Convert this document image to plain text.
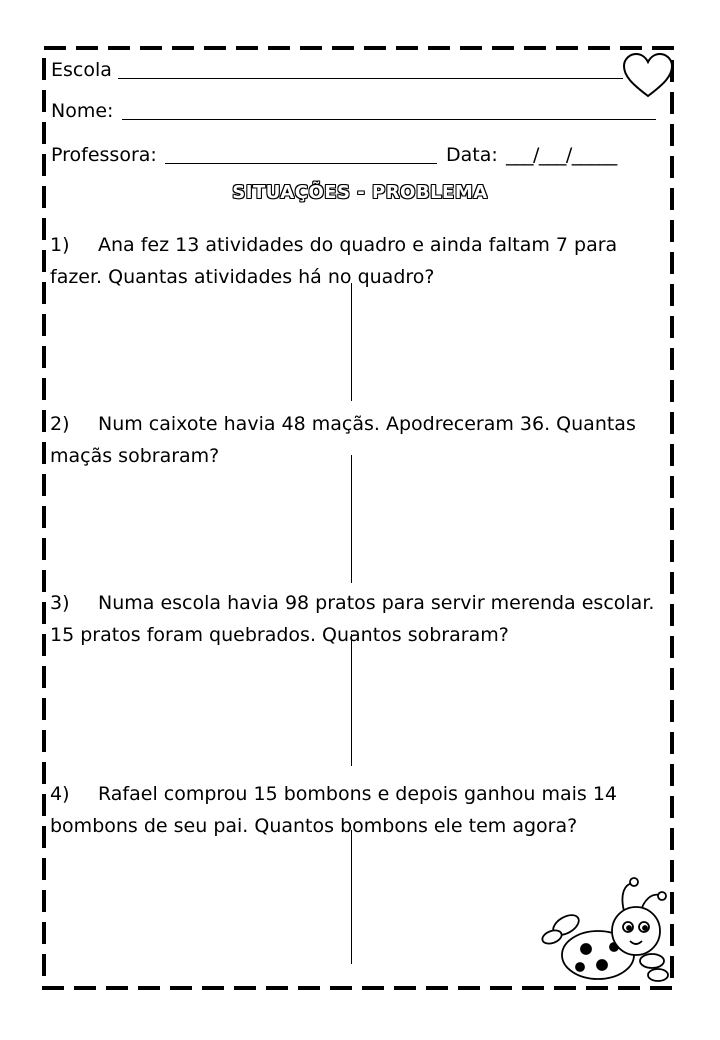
Escola
Nome:
Professora:	Data: ___/___/_____
SITUAÇÕES - PROBLEMA
1) Ana fez 13 atividades do quadro e ainda faltam 7 para
fazer. Quantas atividades há no quadro?
2) Num caixote havia 48 maçãs. Apodreceram 36. Quantas
maçãs sobraram?
3) Numa escola havia 98 pratos para servir merenda escolar.
15 pratos foram quebrados. Quantos sobraram?
4) Rafael comprou 15 bombons e depois ganhou mais 14
bombons de seu pai. Quantos bombons ele tem agora?
